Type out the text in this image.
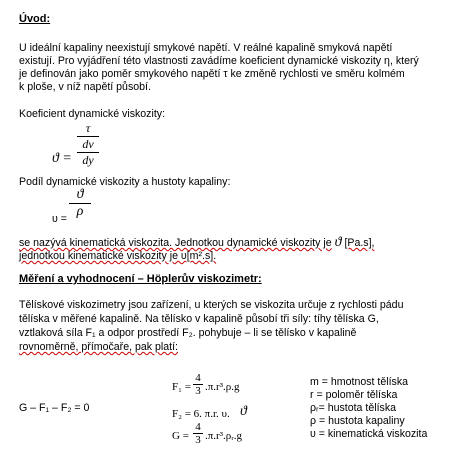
Úvod:
U ideální kapaliny neexistují smykové napětí. V reálné kapalině smyková napětí
existují. Pro vyjádření této vlastnosti zavádíme koeficient dynamické viskozity η, který
je definován jako poměr smykového napětí τ ke změně rychlosti ve směru kolmém
k ploše, v níž napětí působí.
Koeficient dynamické viskozity:
ϑ =
τ
dv
dy
Podíl dynamické viskozity a hustoty kapaliny:
υ =
ϑ
ρ
se nazývá kinematická viskozita. Jednotkou dynamické viskozity je ϑ [Pa.s],
jednotkou kinematické viskozity je υ[m².s].
Měření a vyhodnocení – Höplerův viskozimetr:
Tělískové viskozimetry jsou zařízení, u kterých se viskozita určuje z rychlosti pádu
tělíska v měřené kapalině. Na tělísko v kapalině působí tři síly: tíhy tělíska G,
vztlaková síla F₁ a odpor prostředí F₂. pohybuje – li se tělísko v kapalině
rovnoměrně, přímočaře, pak platí:
G – F₁ – F₂ = 0
F₁ =
4
3 .π.r³.ρ.g
F₂ = 6. π.r. υ. ϑ
G =
4
3 .π.r³.ρᵣ.g
m = hmotnost tělíska
r = poloměr tělíska
ρᵣ= hustota tělíska
ρ = hustota kapaliny
υ = kinematická viskozita
